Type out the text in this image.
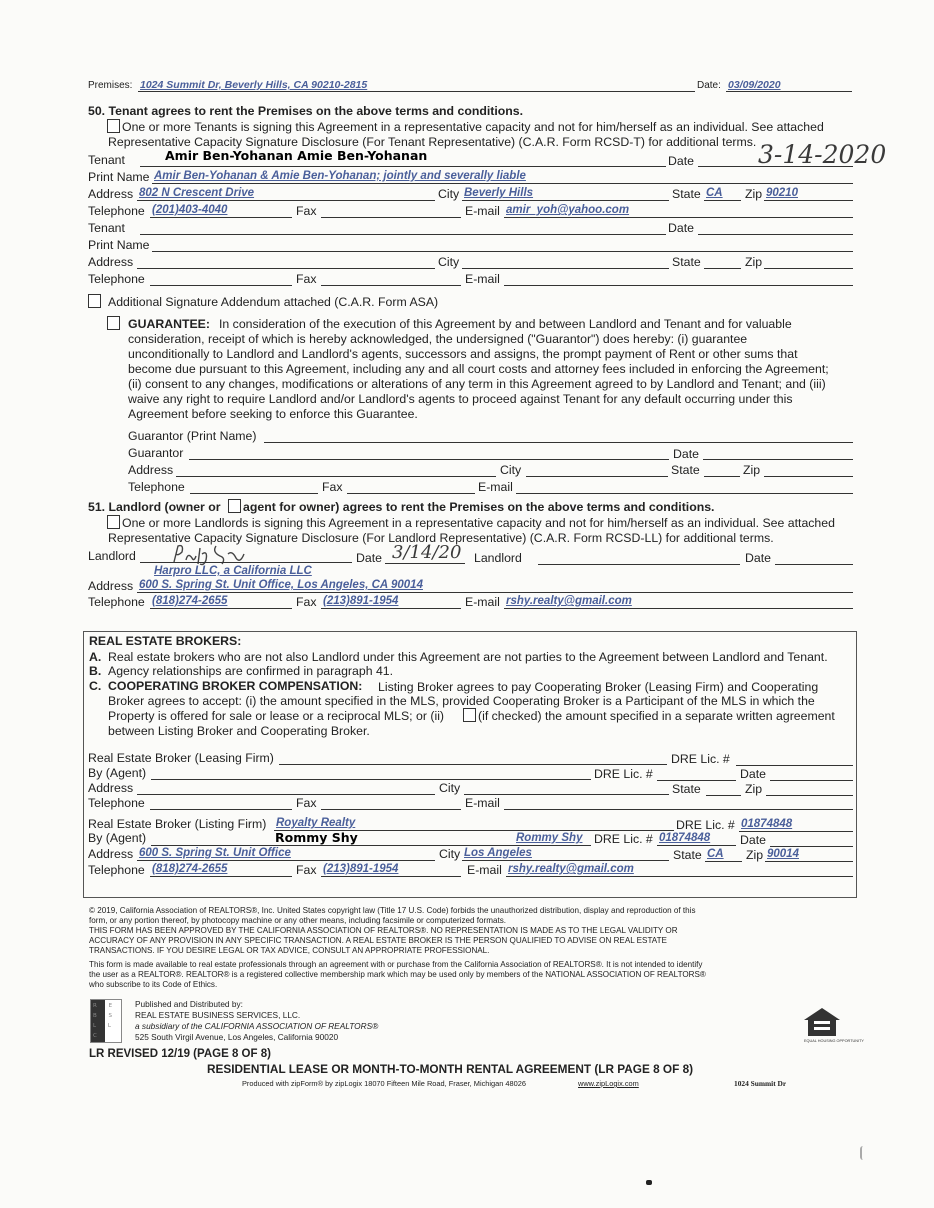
Premises: 1024 Summit Dr, Beverly Hills, CA 90210-2815	Date: 03/09/2020
50. Tenant agrees to rent the Premises on the above terms and conditions.
One or more Tenants is signing this Agreement in a representative capacity and not for him/herself as an individual. See attached
Representative Capacity Signature Disclosure (For Tenant Representative) (C.A.R. Form RCSD-T) for additional terms.
Tenant	Amir Ben-Yohanan Amie Ben-Yohanan	Date	3-14-2020
Print Name Amir Ben-Yohanan & Amie Ben-Yohanan; jointly and severally liable
Address 802 N Crescent Drive	City Beverly Hills	State CA Zip 90210
Telephone (201)403-4040	Fax	E-mail amir_yoh@yahoo.com
Tenant	Date
Print Name
Address	City	State	Zip
Telephone	Fax	E-mail
Additional Signature Addendum attached (C.A.R. Form ASA)
GUARANTEE: In consideration of the execution of this Agreement by and between Landlord and Tenant and for valuable
consideration, receipt of which is hereby acknowledged, the undersigned ("Guarantor") does hereby: (i) guarantee
unconditionally to Landlord and Landlord's agents, successors and assigns, the prompt payment of Rent or other sums that
become due pursuant to this Agreement, including any and all court costs and attorney fees included in enforcing the Agreement;
(ii) consent to any changes, modifications or alterations of any term in this Agreement agreed to by Landlord and Tenant; and (iii)
waive any right to require Landlord and/or Landlord's agents to proceed against Tenant for any default occurring under this
Agreement before seeking to enforce this Guarantee.
Guarantor (Print Name)
Guarantor	Date
Address	City	State	Zip
Telephone	Fax	E-mail
51. Landlord (owner or agent for owner) agrees to rent the Premises on the above terms and conditions.
One or more Landlords is signing this Agreement in a representative capacity and not for him/herself as an individual. See attached
Representative Capacity Signature Disclosure (For Landlord Representative) (C.A.R. Form RCSD-LL) for additional terms.
Landlord	Date 3/14/20 Landlord	Date
Harpro LLC, a California LLC
Address 600 S. Spring St. Unit Office, Los Angeles, CA 90014
Telephone (818)274-2655	Fax (213)891-1954	E-mail rshy.realty@gmail.com
REAL ESTATE BROKERS:
A. Real estate brokers who are not also Landlord under this Agreement are not parties to the Agreement between Landlord and Tenant.
B. Agency relationships are confirmed in paragraph 41.
C. COOPERATING BROKER COMPENSATION: Listing Broker agrees to pay Cooperating Broker (Leasing Firm) and Cooperating
Broker agrees to accept: (i) the amount specified in the MLS, provided Cooperating Broker is a Participant of the MLS in which the
Property is offered for sale or lease or a reciprocal MLS; or (ii)	(if checked) the amount specified in a separate written agreement
between Listing Broker and Cooperating Broker.
Real Estate Broker (Leasing Firm)	DRE Lic. #
By (Agent)	DRE Lic. #	Date
Address	City	State	Zip
Telephone	Fax	E-mail
Real Estate Broker (Listing Firm) Royalty Realty	DRE Lic. # 01874848
By (Agent)	Rommy Shy	Rommy Shy DRE Lic. # 01874848 Date
Address 600 S. Spring St. Unit Office	City Los Angeles	State CA Zip 90014
Telephone (818)274-2655	Fax (213)891-1954	E-mail rshy.realty@gmail.com
© 2019, California Association of REALTORS®, Inc. United States copyright law (Title 17 U.S. Code) forbids the unauthorized distribution, display and reproduction of this
form, or any portion thereof, by photocopy machine or any other means, including facsimile or computerized formats.
THIS FORM HAS BEEN APPROVED BY THE CALIFORNIA ASSOCIATION OF REALTORS®. NO REPRESENTATION IS MADE AS TO THE LEGAL VALIDITY OR
ACCURACY OF ANY PROVISION IN ANY SPECIFIC TRANSACTION. A REAL ESTATE BROKER IS THE PERSON QUALIFIED TO ADVISE ON REAL ESTATE
TRANSACTIONS. IF YOU DESIRE LEGAL OR TAX ADVICE, CONSULT AN APPROPRIATE PROFESSIONAL.
This form is made available to real estate professionals through an agreement with or purchase from the California Association of REALTORS®. It is not intended to identify
the user as a REALTOR®. REALTOR® is a registered collective membership mark which may be used only by members of the NATIONAL ASSOCIATION OF REALTORS®
who subscribe to its Code of Ethics.
R E B S L L C
Published and Distributed by:
REAL ESTATE BUSINESS SERVICES, LLC.
a subsidiary of the CALIFORNIA ASSOCIATION OF REALTORS®
525 South Virgil Avenue, Los Angeles, California 90020	EQUAL HOUSING OPPORTUNITY
LR REVISED 12/19 (PAGE 8 OF 8)
RESIDENTIAL LEASE OR MONTH-TO-MONTH RENTAL AGREEMENT (LR PAGE 8 OF 8)
Produced with zipForm® by zipLogix 18070 Fifteen Mile Road, Fraser, Michigan 48026	www.zipLogix.com	1024 Summit Dr
